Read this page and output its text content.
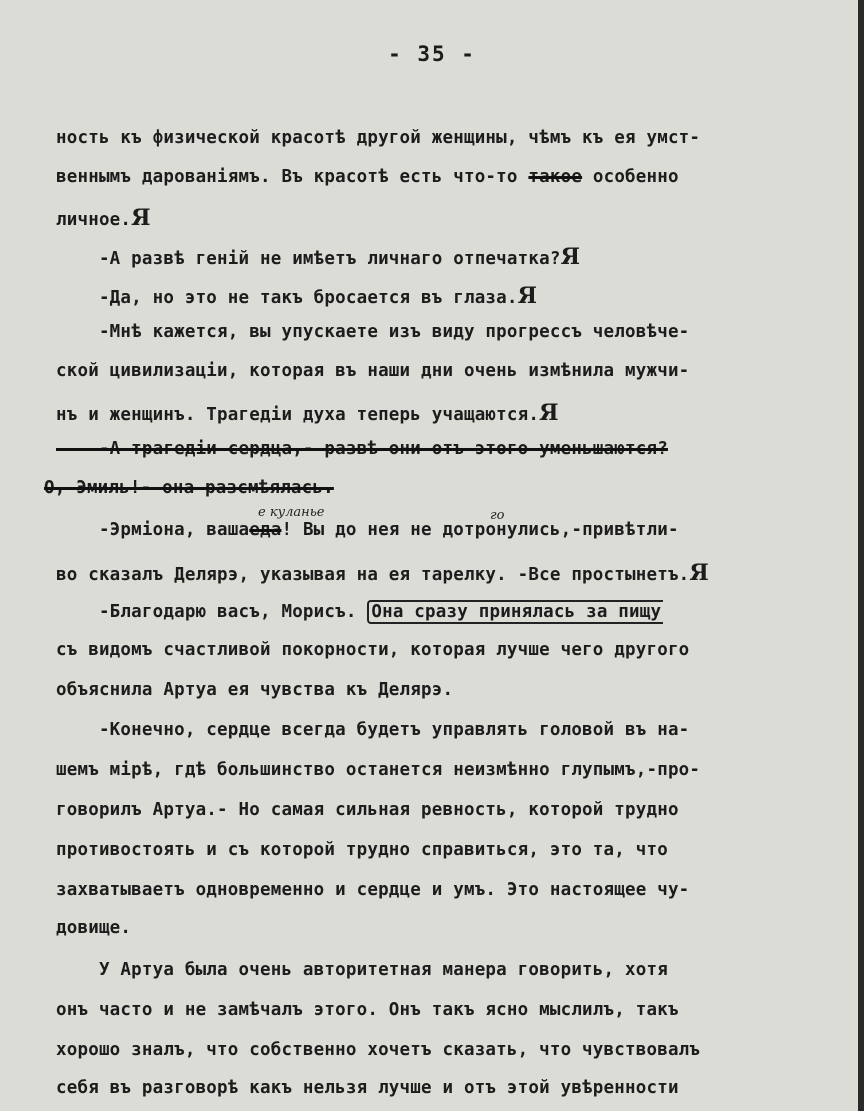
- 35 -
ность къ физической красотѣ другой женщины, чѣмъ къ ея умст-
веннымъ дарованiямъ. Въ красотѣ есть что-то такое особенно
личное.Я
-А развѣ генiй не имѣетъ личнаго отпечатка?Я
-Да, но это не такъ бросается въ глаза.Я
-Мнѣ кажется, вы упускаете изъ виду прогрессъ человѣче-
ской цивилизацiи, которая въ наши дни очень измѣнила мужчи-
нъ и женщинъ. Трагедiи духа теперь учащаются.Я
-А трагедiи сердца,- развѣ они отъ этого уменьшаются?
О, Эмиль!- она разсмѣялась.
е куланье	го
-Эрмiона, вашаеда! Вы до нея не дотронулись,-привѣтли-
во сказалъ Делярэ, указывая на ея тарелку. -Все простынетъ.Я
-Благодарю васъ, Морисъ. Она сразу принялась за пищу
съ видомъ счастливой покорности, которая лучше чего другого
объяснила Артуа ея чувства къ Делярэ.
-Конечно, сердце всегда будетъ управлять головой въ на-
шемъ мiрѣ, гдѣ большинство останется неизмѣнно глупымъ,-про-
говорилъ Артуа.- Но самая сильная ревность, которой трудно
противостоять и съ которой трудно справиться, это та, что
захватываетъ одновременно и сердце и умъ. Это настоящее чу-
довище.
У Артуа была очень авторитетная манера говорить, хотя
онъ часто и не замѣчалъ этого. Онъ такъ ясно мыслилъ, такъ
хорошо зналъ, что собственно хочетъ сказать, что чувствовалъ
себя въ разговорѣ какъ нельзя лучше и отъ этой увѣренности
